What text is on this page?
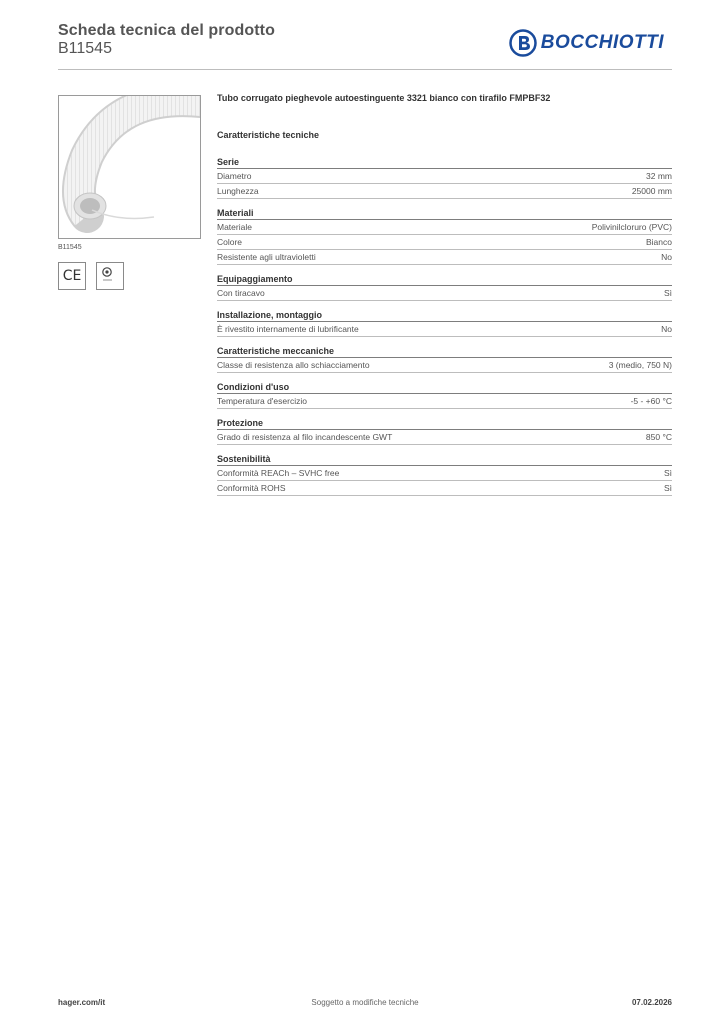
Scheda tecnica del prodotto
B11545	BOCCHIOTTI
B11545
CE
Tubo corrugato pieghevole autoestinguente 3321 bianco con tirafilo FMPBF32
Caratteristiche tecniche
Serie
Diametro	32 mm
Lunghezza	25000 mm
Materiali
Materiale	Polivinilcloruro (PVC)
Colore	Bianco
Resistente agli ultravioletti	No
Equipaggiamento
Con tiracavo	Sì
Installazione, montaggio
È rivestito internamente di lubrificante	No
Caratteristiche meccaniche
Classe di resistenza allo schiacciamento	3 (medio, 750 N)
Condizioni d'uso
Temperatura d'esercizio	-5 - +60 °C
Protezione
Grado di resistenza al filo incandescente GWT	850 °C
Sostenibilità
Conformità REACh – SVHC free	Sì
Conformità ROHS	Sì
hager.com/it	Soggetto a modifiche tecniche	07.02.2026
